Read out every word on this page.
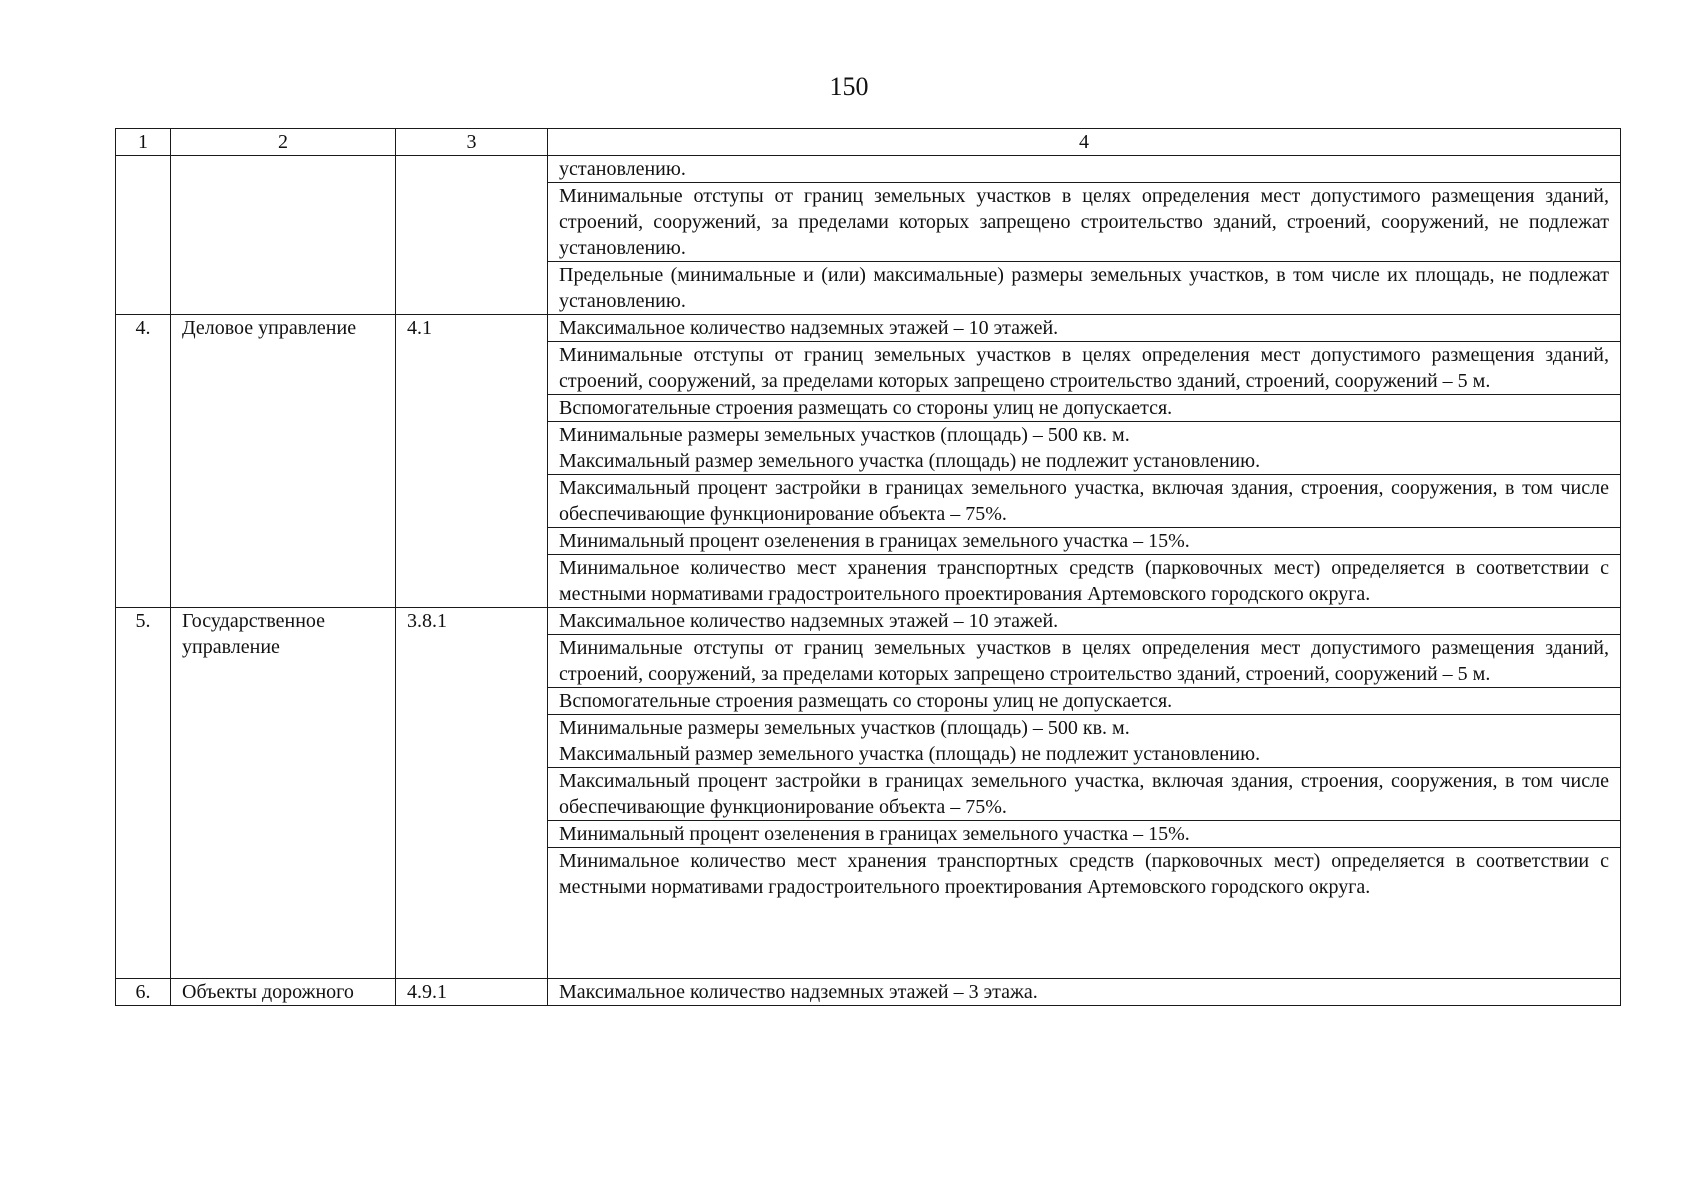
150
1	2	3	4
			установлению.
			Минимальные отступы от границ земельных участков в целях определения мест допустимого размещения зданий, строений, сооружений, за пределами которых запрещено строительство зданий, строений, сооружений, не подлежат установлению.
			Предельные (минимальные и (или) максимальные) размеры земельных участков, в том числе их площадь, не подлежат установлению.
4.	Деловое управление	4.1	Максимальное количество надземных этажей – 10 этажей.
			Минимальные отступы от границ земельных участков в целях определения мест допустимого размещения зданий, строений, сооружений, за пределами которых запрещено строительство зданий, строений, сооружений – 5 м.
			Вспомогательные строения размещать со стороны улиц не допускается.

			Минимальные размеры земельных участков (площадь) – 500 кв. м.
Максимальный размер земельного участка (площадь) не подлежит установлению.

			Максимальный процент застройки в границах земельного участка, включая здания, строения, сооружения, в том числе обеспечивающие функционирование объекта – 75%.
			Минимальный процент озеленения в границах земельного участка – 15%.
			Минимальное количество мест хранения транспортных средств (парковочных мест) определяется в соответствии с местными нормативами градостроительного проектирования Артемовского городского округа.
5.	Государственное управление	3.8.1	Максимальное количество надземных этажей – 10 этажей.
			Минимальные отступы от границ земельных участков в целях определения мест допустимого размещения зданий, строений, сооружений, за пределами которых запрещено строительство зданий, строений, сооружений – 5 м.
			Вспомогательные строения размещать со стороны улиц не допускается.

			Минимальные размеры земельных участков (площадь) – 500 кв. м.
Максимальный размер земельного участка (площадь) не подлежит установлению.

			Максимальный процент застройки в границах земельного участка, включая здания, строения, сооружения, в том числе обеспечивающие функционирование объекта – 75%.
			Минимальный процент озеленения в границах земельного участка – 15%.
			Минимальное количество мест хранения транспортных средств (парковочных мест) определяется в соответствии с местными нормативами градостроительного проектирования Артемовского городского округа.
6.	Объекты дорожного	4.9.1	Максимальное количество надземных этажей – 3 этажа.
